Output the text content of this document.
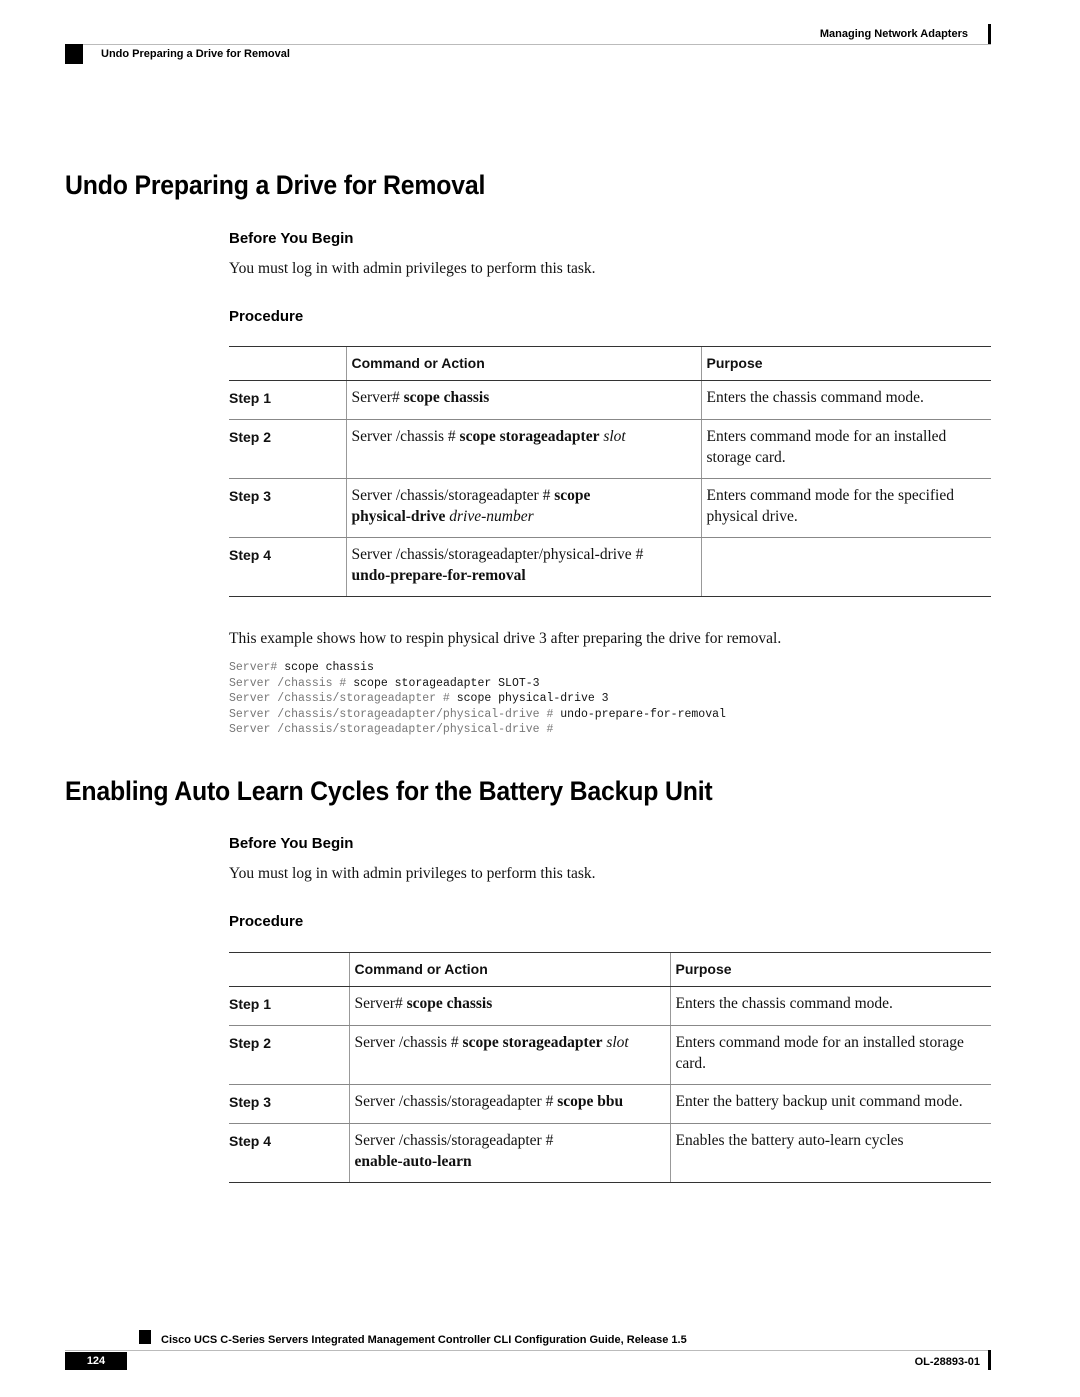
Managing Network Adapters
Undo Preparing a Drive for Removal
Undo Preparing a Drive for Removal
Before You Begin

You must log in with admin privileges to perform this task.

Procedure
	Command or Action	Purpose
Step 1	Server# scope chassis	Enters the chassis command mode.
Step 2	Server /chassis # scope storageadapter slot	Enters command mode for an installed storage card.
Step 3	Server /chassis/storageadapter # scope
physical-drive drive-number	Enters command mode for the specified physical drive.
Step 4	Server /chassis/storageadapter/physical-drive #
undo-prepare-for-removal	

This example shows how to respin physical drive 3 after preparing the drive for removal.

Server# scope chassis
Server /chassis # scope storageadapter SLOT-3
Server /chassis/storageadapter # scope physical-drive 3
Server /chassis/storageadapter/physical-drive # undo-prepare-for-removal
Server /chassis/storageadapter/physical-drive #
Enabling Auto Learn Cycles for the Battery Backup Unit
Before You Begin

You must log in with admin privileges to perform this task.

Procedure
	Command or Action	Purpose
Step 1	Server# scope chassis	Enters the chassis command mode.
Step 2	Server /chassis # scope storageadapter slot	Enters command mode for an installed storage card.
Step 3	Server /chassis/storageadapter # scope bbu	Enter the battery backup unit command mode.
Step 4	Server /chassis/storageadapter #
enable-auto-learn	Enables the battery auto-learn cycles
Cisco UCS C-Series Servers Integrated Management Controller CLI Configuration Guide, Release 1.5
124	OL-28893-01
